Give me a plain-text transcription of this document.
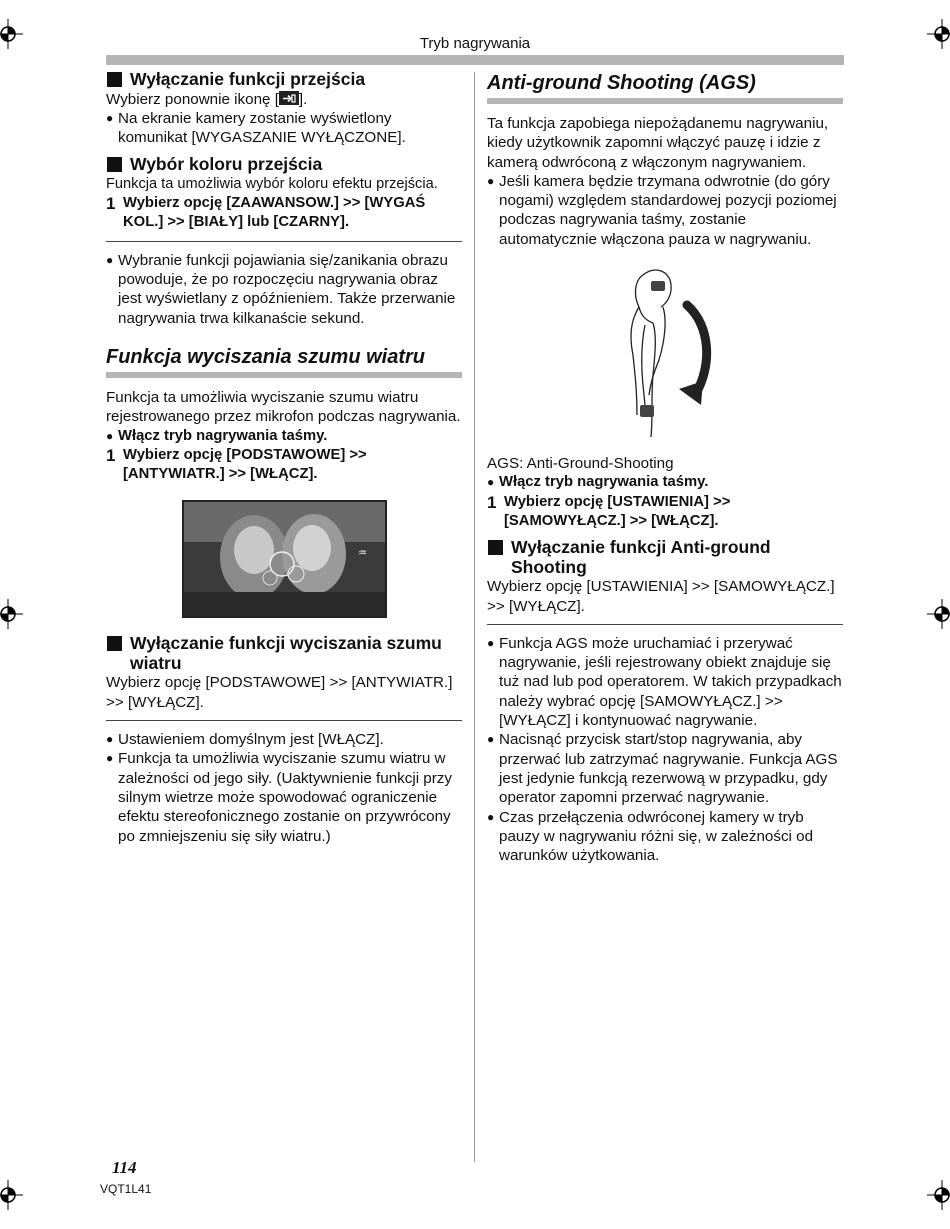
Tryb nagrywania
Wyłączanie funkcji przejścia

Wybierz ponownie ikonę [ ].

● Na ekranie kamery zostanie wyświetlony komunikat [WYGASZANIE WYŁĄCZONE].
Wybór koloru przejścia

Funkcja ta umożliwia wybór koloru efektu przejścia.

1 Wybierz opcję [ZAAWANSOW.] >> [WYGAŚ KOL.] >> [BIAŁY] lub [CZARNY].
● Wybranie funkcji pojawiania się/zanikania obrazu powoduje, że po rozpoczęciu nagrywania obraz jest wyświetlany z opóźnieniem. Także przerwanie nagrywania trwa kilkanaście sekund.
Funkcja wyciszania szumu wiatru

Funkcja ta umożliwia wyciszanie szumu wiatru rejestrowanego przez mikrofon podczas nagrywania.

● Włącz tryb nagrywania taśmy.
1 Wybierz opcję [PODSTAWOWE] >> [ANTYWIATR.] >> [WŁĄCZ].
♒
Wyłączanie funkcji wyciszania szumu wiatru

Wybierz opcję [PODSTAWOWE] >> [ANTYWIATR.] >> [WYŁĄCZ].

● Ustawieniem domyślnym jest [WŁĄCZ].
● Funkcja ta umożliwia wyciszanie szumu wiatru w zależności od jego siły. (Uaktywnienie funkcji przy silnym wietrze może spowodować ograniczenie efektu stereofonicznego zostanie on przywrócony po zmniejszeniu się siły wiatru.)
Anti-ground Shooting (AGS)

Ta funkcja zapobiega niepożądanemu nagrywaniu, kiedy użytkownik zapomni włączyć pauzę i idzie z kamerą odwróconą z włączonym nagrywaniem.

● Jeśli kamera będzie trzymana odwrotnie (do góry nogami) względem standardowej pozycji poziomej podczas nagrywania taśmy, zostanie automatycznie włączona pauza w nagrywaniu.

AGS: Anti-Ground-Shooting

● Włącz tryb nagrywania taśmy.
1 Wybierz opcję [USTAWIENIA] >> [SAMOWYŁĄCZ.] >> [WŁĄCZ].
Wyłączanie funkcji Anti-ground Shooting

Wybierz opcję [USTAWIENIA] >> [SAMOWYŁĄCZ.] >> [WYŁĄCZ].

● Funkcja AGS może uruchamiać i przerywać nagrywanie, jeśli rejestrowany obiekt znajduje się tuż nad lub pod operatorem. W takich przypadkach należy wybrać opcję [SAMOWYŁĄCZ.] >> [WYŁĄCZ] i kontynuować nagrywanie.
● Nacisnąć przycisk start/stop nagrywania, aby przerwać lub zatrzymać nagrywanie. Funkcja AGS jest jedynie funkcją rezerwową w przypadku, gdy operator zapomni przerwać nagrywanie.
● Czas przełączenia odwróconej kamery w tryb pauzy w nagrywaniu różni się, w zależności od warunków użytkowania.
114
VQT1L41
